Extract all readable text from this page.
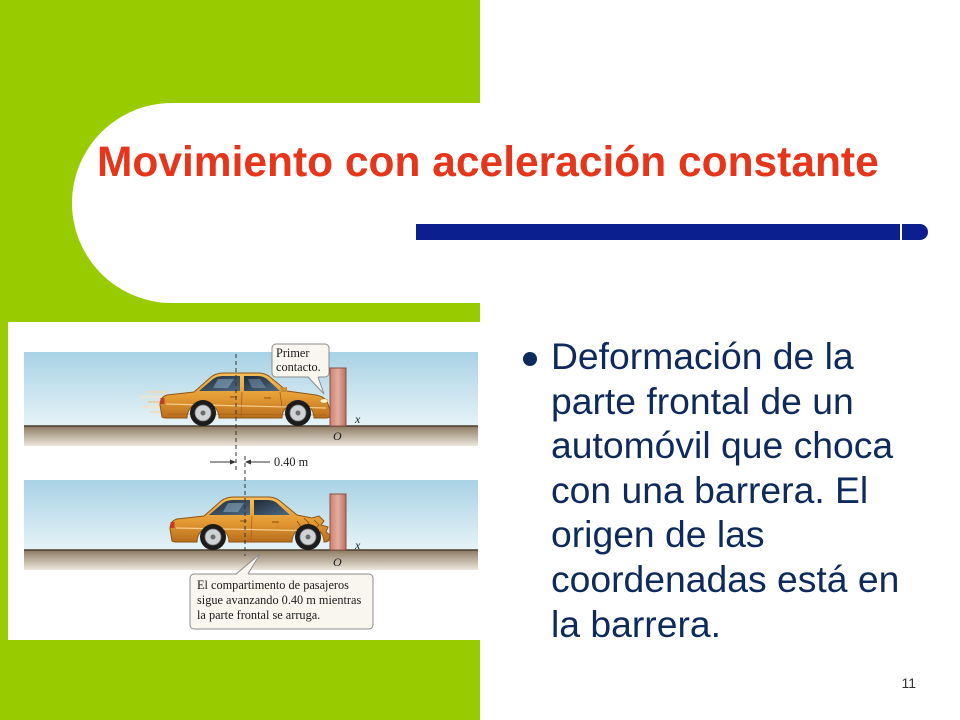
Movimiento con aceleración constante
x
O
Primer
contacto.
x
O
El compartimento de pasajeros
sigue avanzando 0.40 m mientras
la parte frontal se arruga.
0.40 m
Deformación de la
parte frontal de un
automóvil que choca
con una barrera. El
origen de las
coordenadas está en
la barrera.
11
